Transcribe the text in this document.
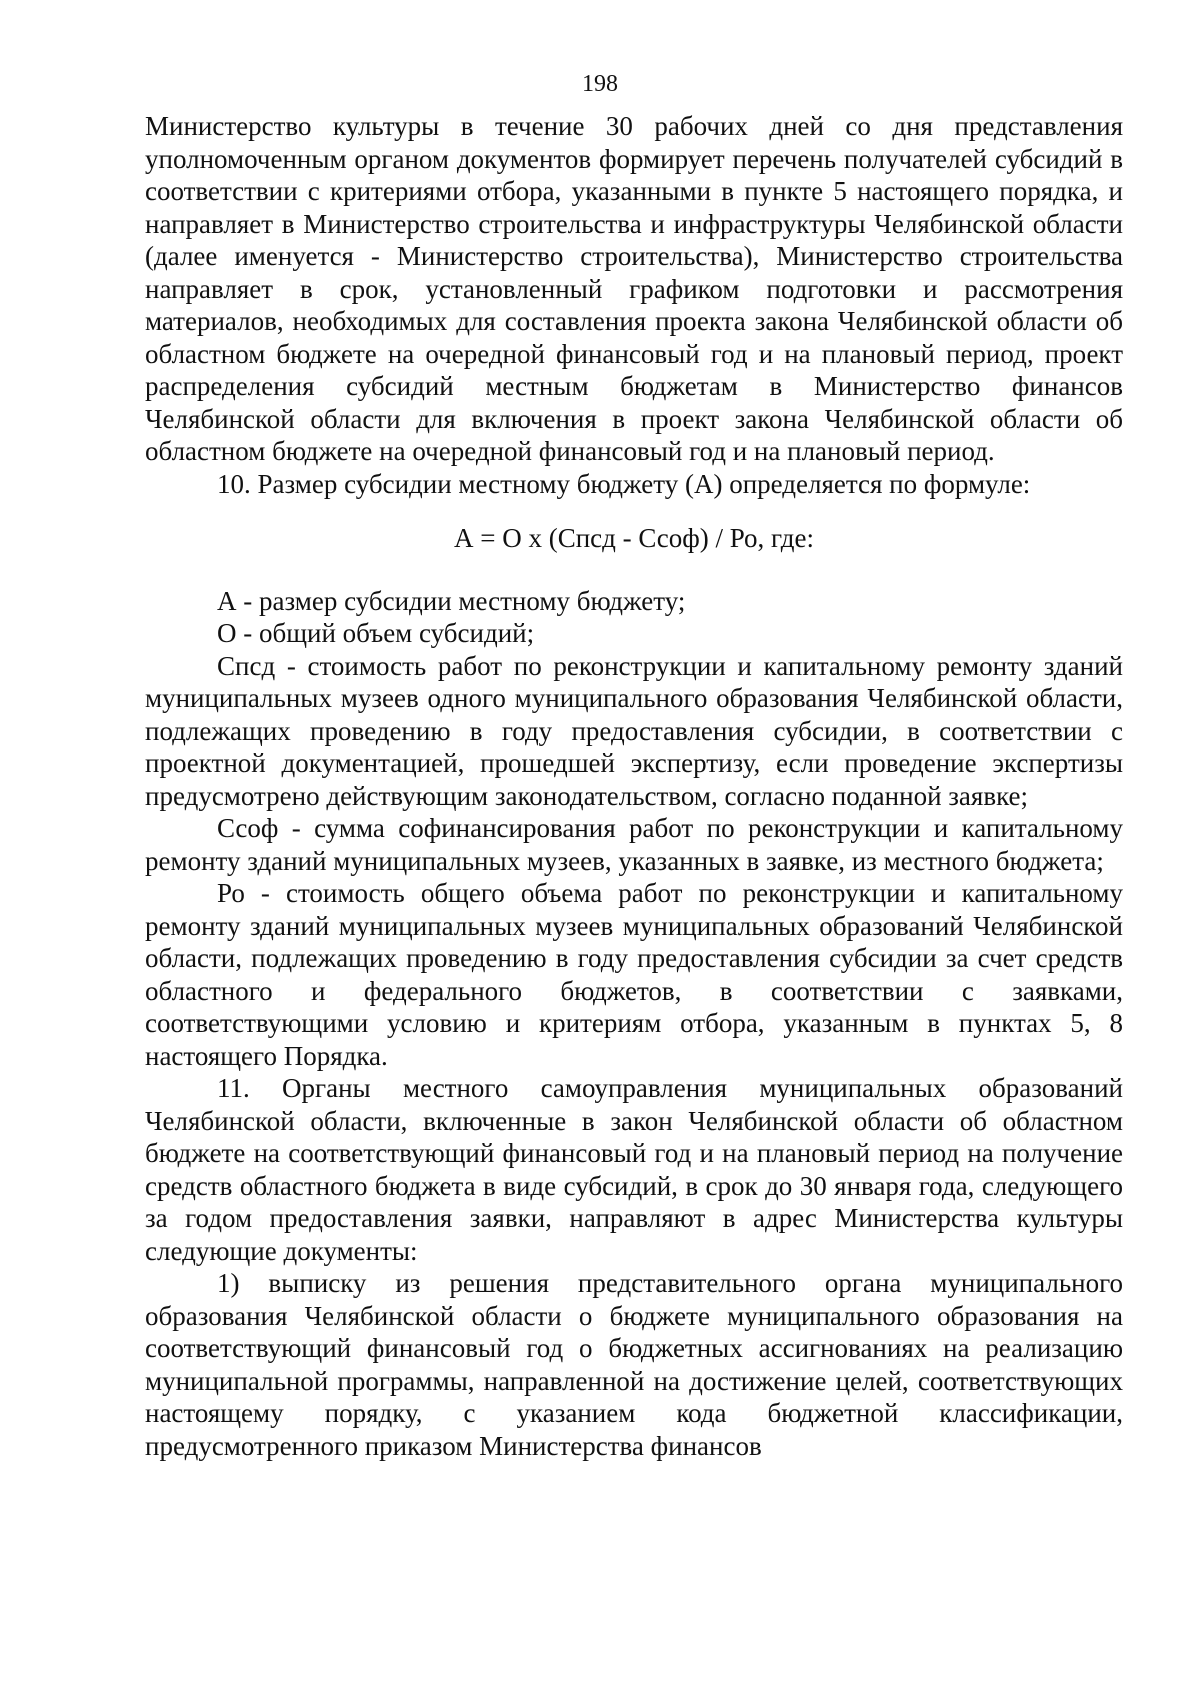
198

Министерство культуры в течение 30 рабочих дней со дня представления уполномоченным органом документов формирует перечень получателей субсидий в соответствии с критериями отбора, указанными в пункте 5 настоящего порядка, и направляет в Министерство строительства и инфраструктуры Челябинской области (далее именуется - Министерство строительства), Министерство строительства направляет в срок, установленный графиком подготовки и рассмотрения материалов, необходимых для составления проекта закона Челябинской области об областном бюджете на очередной финансовый год и на плановый период, проект распределения субсидий местным бюджетам в Министерство финансов Челябинской области для включения в проект закона Челябинской области об областном бюджете на очередной финансовый год и на плановый период.

10. Размер субсидии местному бюджету (А) определяется по формуле:

А = О х (Спсд - Ссоф) / Ро, где:

А - размер субсидии местному бюджету;

О - общий объем субсидий;

Спсд - стоимость работ по реконструкции и капитальному ремонту зданий муниципальных музеев одного муниципального образования Челябинской области, подлежащих проведению в году предоставления субсидии, в соответствии с проектной документацией, прошедшей экспертизу, если проведение экспертизы предусмотрено действующим законодательством, согласно поданной заявке;

Ссоф - сумма софинансирования работ по реконструкции и капитальному ремонту зданий муниципальных музеев, указанных в заявке, из местного бюджета;

Ро - стоимость общего объема работ по реконструкции и капитальному ремонту зданий муниципальных музеев муниципальных образований Челябинской области, подлежащих проведению в году предоставления субсидии за счет средств областного и федерального бюджетов, в соответствии с заявками, соответствующими условию и критериям отбора, указанным в пунктах 5, 8 настоящего Порядка.

11. Органы местного самоуправления муниципальных образований Челябинской области, включенные в закон Челябинской области об областном бюджете на соответствующий финансовый год и на плановый период на получение средств областного бюджета в виде субсидий, в срок до 30 января года, следующего за годом предоставления заявки, направляют в адрес Министерства культуры следующие документы:

1) выписку из решения представительного органа муниципального образования Челябинской области о бюджете муниципального образования на соответствующий финансовый год о бюджетных ассигнованиях на реализацию муниципальной программы, направленной на достижение целей, соответствующих настоящему порядку, с указанием кода бюджетной классификации, предусмотренного приказом Министерства финансов
